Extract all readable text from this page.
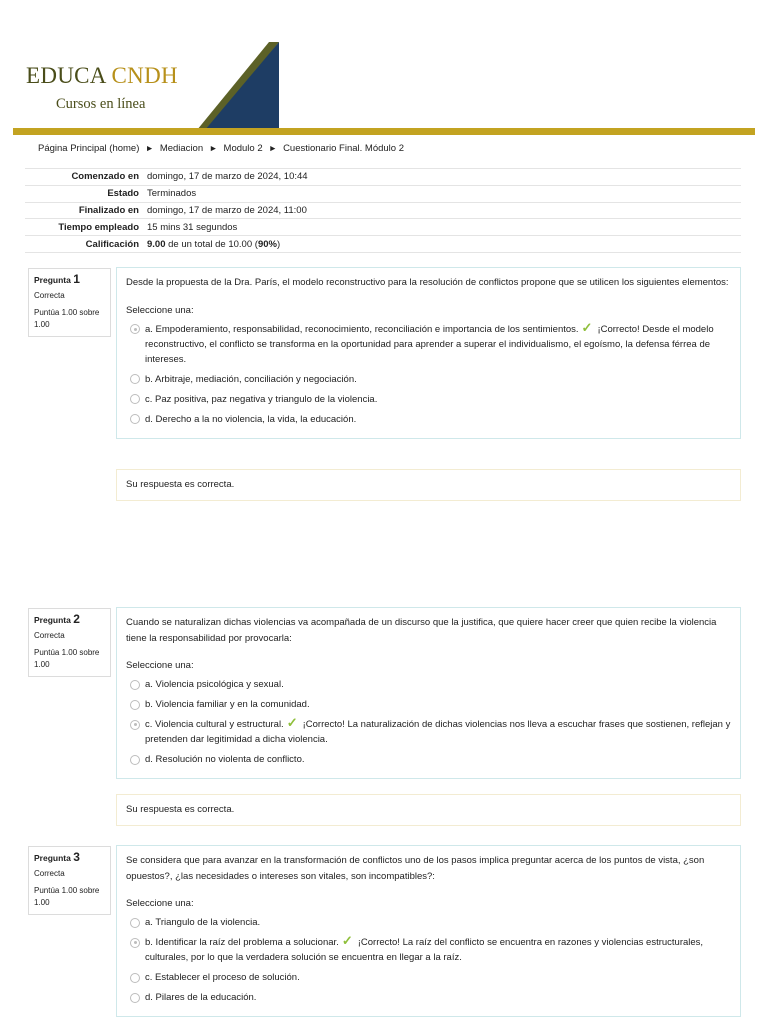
EDUCA CNDH
Cursos en línea
Página Principal (home) ► Mediacion ► Modulo 2 ► Cuestionario Final. Módulo 2
Comenzado en	domingo, 17 de marzo de 2024, 10:44
Estado	Terminados
Finalizado en	domingo, 17 de marzo de 2024, 11:00
Tiempo empleado	15 mins 31 segundos
Calificación	9.00 de un total de 10.00 (90%)
Pregunta 1
Correcta
Puntúa 1.00 sobre 1.00
Desde la propuesta de la Dra. París, el modelo reconstructivo para la resolución de conflictos propone que se utilicen los siguientes elementos:
Seleccione una:
a. Empoderamiento, responsabilidad, reconocimiento, reconciliación e importancia de los sentimientos. ✓ ¡Correcto! Desde el modelo reconstructivo, el conflicto se transforma en la oportunidad para aprender a superar el individualismo, el egoísmo, la defensa férrea de intereses.
b. Arbitraje, mediación, conciliación y negociación.
c. Paz positiva, paz negativa y triangulo de la violencia.
d. Derecho a la no violencia, la vida, la educación.
Su respuesta es correcta.
Pregunta 2
Correcta
Puntúa 1.00 sobre 1.00
Cuando se naturalizan dichas violencias va acompañada de un discurso que la justifica, que quiere hacer creer que quien recibe la violencia tiene la responsabilidad por provocarla:
Seleccione una:
a. Violencia psicológica y sexual.
b. Violencia familiar y en la comunidad.
c. Violencia cultural y estructural. ✓ ¡Correcto! La naturalización de dichas violencias nos lleva a escuchar frases que sostienen, reflejan y pretenden dar legitimidad a dicha violencia.
d. Resolución no violenta de conflicto.
Su respuesta es correcta.
Pregunta 3
Correcta
Puntúa 1.00 sobre 1.00
Se considera que para avanzar en la transformación de conflictos uno de los pasos implica preguntar acerca de los puntos de vista, ¿son opuestos?, ¿las necesidades o intereses son vitales, son incompatibles?:
Seleccione una:
a. Triangulo de la violencia.
b. Identificar la raíz del problema a solucionar. ✓ ¡Correcto! La raíz del conflicto se encuentra en razones y violencias estructurales, culturales, por lo que la verdadera solución se encuentra en llegar a la raíz.
c. Establecer el proceso de solución.
d. Pilares de la educación.
